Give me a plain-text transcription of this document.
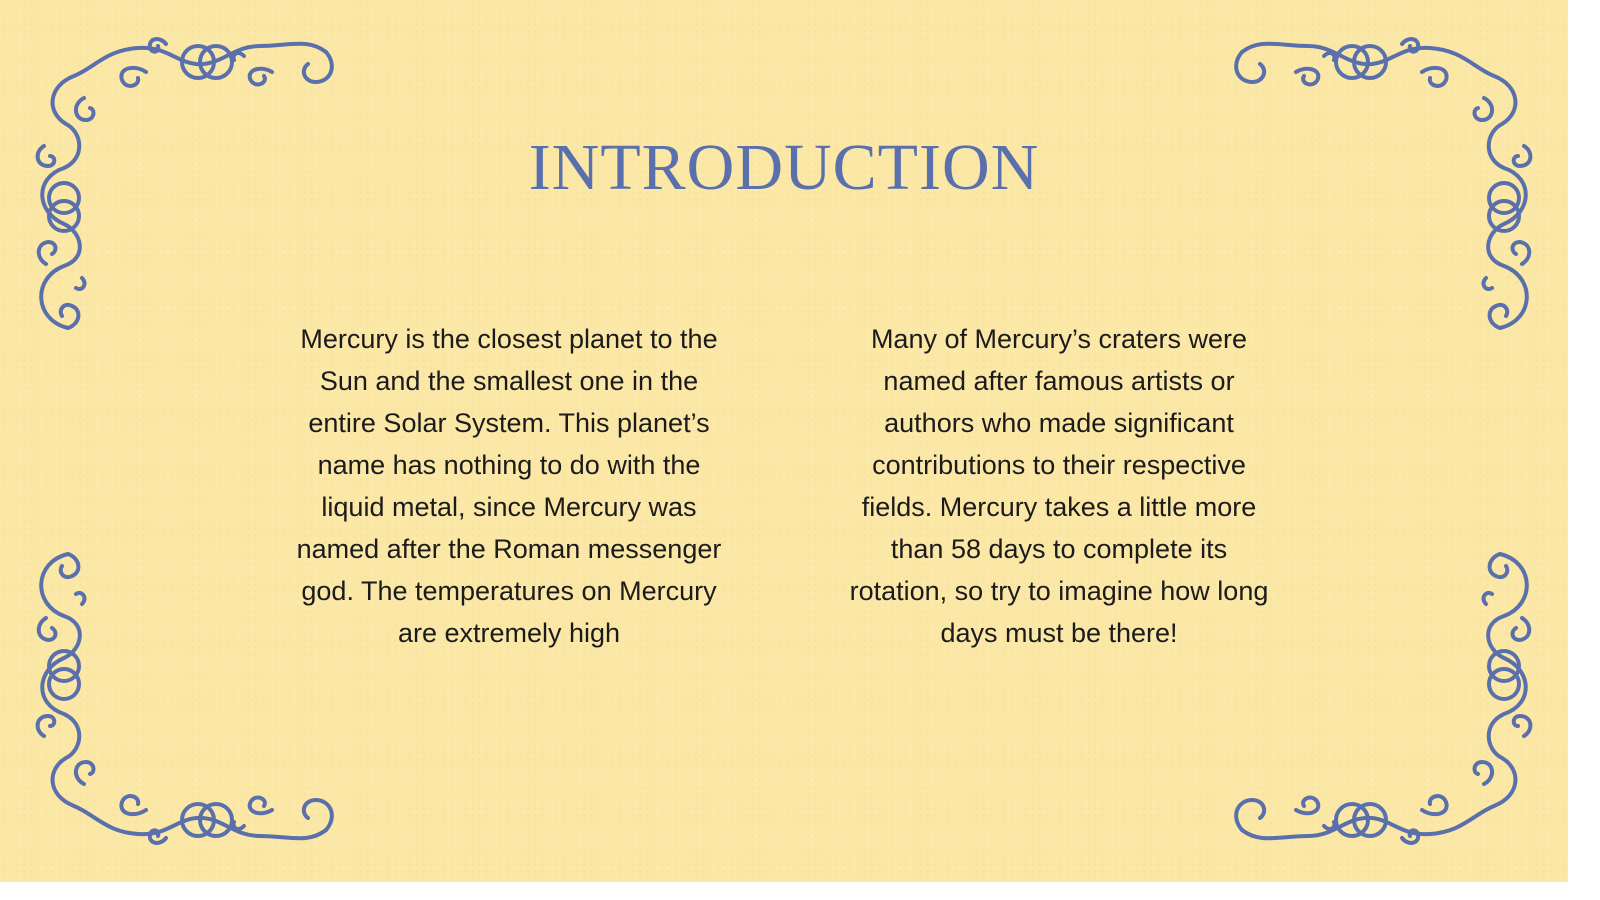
INTRODUCTION

Mercury is the closest planet to the Sun and the smallest one in the entire Solar System. This planet’s name has nothing to do with the liquid metal, since Mercury was named after the Roman messenger god. The temperatures on Mercury are extremely high

Many of Mercury’s craters were named after famous artists or authors who made significant contributions to their respective fields. Mercury takes a little more than 58 days to complete its rotation, so try to imagine how long days must be there!
